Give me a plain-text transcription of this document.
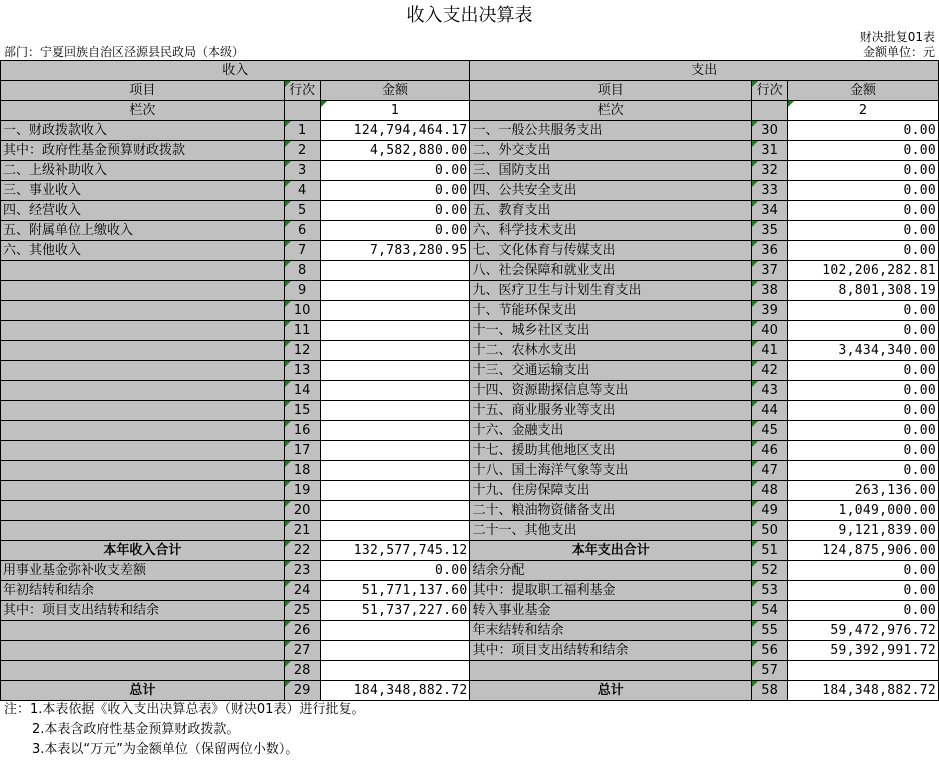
收入支出决算表
财决批复01表
部门：宁夏回族自治区泾源县民政局（本级）	金额单位：元
收入			支出		
项目	行次	金额	项目	行次	金额
栏次		1	栏次		2
一、财政拨款收入	1	124,794,464.17	一、一般公共服务支出	30	0.00
其中：政府性基金预算财政拨款	2	4,582,880.00	二、外交支出	31	0.00
二、上级补助收入	3	0.00	三、国防支出	32	0.00
三、事业收入	4	0.00	四、公共安全支出	33	0.00
四、经营收入	5	0.00	五、教育支出	34	0.00
五、附属单位上缴收入	6	0.00	六、科学技术支出	35	0.00
六、其他收入	7	7,783,280.95	七、文化体育与传媒支出	36	0.00
	8		八、社会保障和就业支出	37	102,206,282.81
	9		九、医疗卫生与计划生育支出	38	8,801,308.19
	10		十、节能环保支出	39	0.00
	11		十一、城乡社区支出	40	0.00
	12		十二、农林水支出	41	3,434,340.00
	13		十三、交通运输支出	42	0.00
	14		十四、资源勘探信息等支出	43	0.00
	15		十五、商业服务业等支出	44	0.00
	16		十六、金融支出	45	0.00
	17		十七、援助其他地区支出	46	0.00
	18		十八、国土海洋气象等支出	47	0.00
	19		十九、住房保障支出	48	263,136.00
	20		二十、粮油物资储备支出	49	1,049,000.00
	21		二十一、其他支出	50	9,121,839.00
本年收入合计	22	132,577,745.12	本年支出合计	51	124,875,906.00
用事业基金弥补收支差额	23	0.00	结余分配	52	0.00
年初结转和结余	24	51,771,137.60	其中：提取职工福利基金	53	0.00
其中：项目支出结转和结余	25	51,737,227.60	转入事业基金	54	0.00
	26		年末结转和结余	55	59,472,976.72
	27		其中：项目支出结转和结余	56	59,392,991.72
	28			57	
总计	29	184,348,882.72	总计	58	184,348,882.72
注：1.本表依据《收入支出决算总表》（财决01表）进行批复。
2.本表含政府性基金预算财政拨款。
3.本表以“万元”为金额单位（保留两位小数）。
